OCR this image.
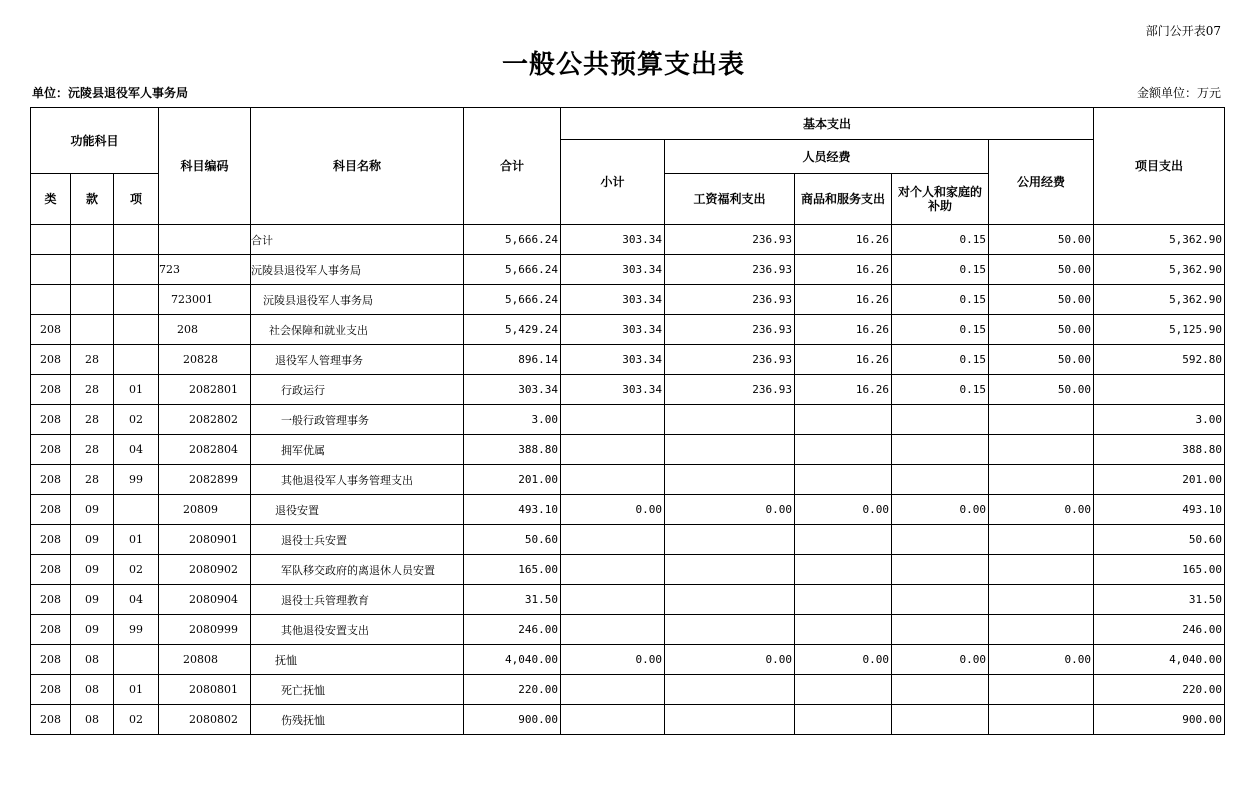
部门公开表07
一般公共预算支出表
单位：沅陵县退役军人事务局	金额单位：万元
功能科目			科目编码	科目名称	合计	基本支出					项目支出
						小计	人员经费			公用经费	
类	款	项					工资福利支出	商品和服务支出	对个人和家庭的补助		
				合计	5,666.24	303.34	236.93	16.26	0.15	50.00	5,362.90
			723	沅陵县退役军人事务局	5,666.24	303.34	236.93	16.26	0.15	50.00	5,362.90
			723001	沅陵县退役军人事务局	5,666.24	303.34	236.93	16.26	0.15	50.00	5,362.90
208			208	社会保障和就业支出	5,429.24	303.34	236.93	16.26	0.15	50.00	5,125.90
208	28		20828	退役军人管理事务	896.14	303.34	236.93	16.26	0.15	50.00	592.80
208	28	01	2082801	行政运行	303.34	303.34	236.93	16.26	0.15	50.00	
208	28	02	2082802	一般行政管理事务	3.00						3.00
208	28	04	2082804	拥军优属	388.80						388.80
208	28	99	2082899	其他退役军人事务管理支出	201.00						201.00
208	09		20809	退役安置	493.10	0.00	0.00	0.00	0.00	0.00	493.10
208	09	01	2080901	退役士兵安置	50.60						50.60
208	09	02	2080902	军队移交政府的离退休人员安置	165.00						165.00
208	09	04	2080904	退役士兵管理教育	31.50						31.50
208	09	99	2080999	其他退役安置支出	246.00						246.00
208	08		20808	抚恤	4,040.00	0.00	0.00	0.00	0.00	0.00	4,040.00
208	08	01	2080801	死亡抚恤	220.00						220.00
208	08	02	2080802	伤残抚恤	900.00						900.00
